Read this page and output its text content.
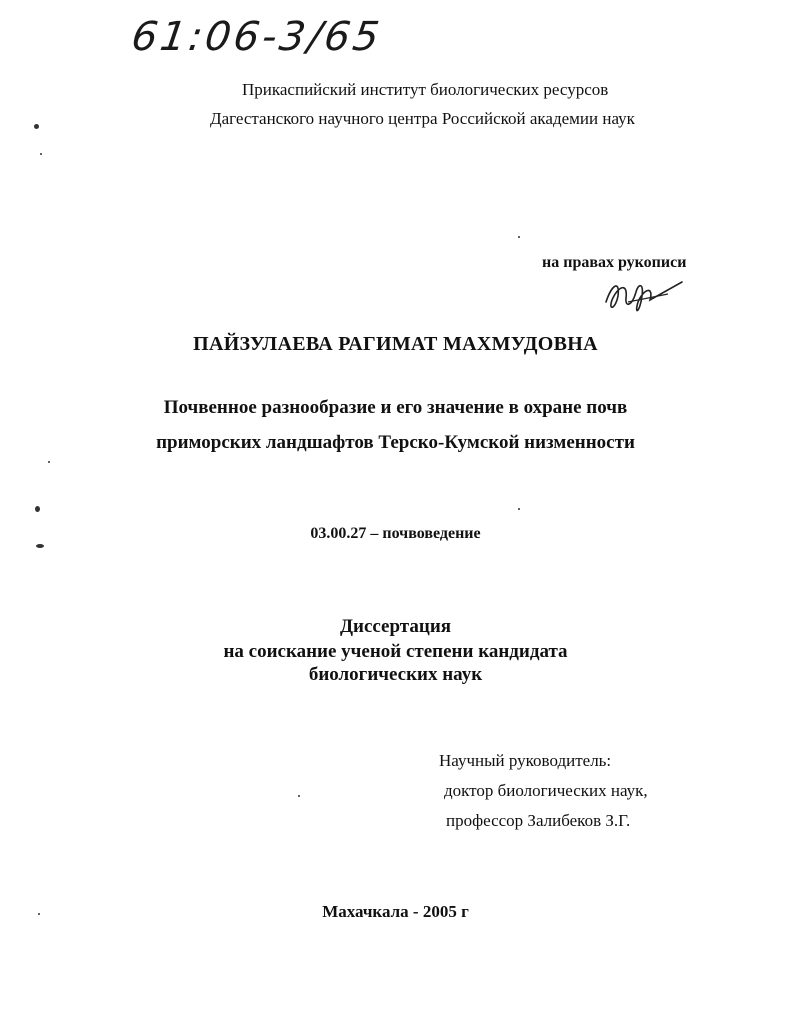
61:06-3/65
Прикаспийский институт биологических ресурсов
Дагестанского научного центра Российской академии наук
на правах рукописи
ПАЙЗУЛАЕВА РАГИМАТ МАХМУДОВНА
Почвенное разнообразие и его значение в охране почв
приморских ландшафтов Терско-Кумской низменности
03.00.27 – почвоведение
Диссертация
на соискание ученой степени кандидата
биологических наук
Научный руководитель:
доктор биологических наук,
профессор Залибеков З.Г.
Махачкала - 2005 г
